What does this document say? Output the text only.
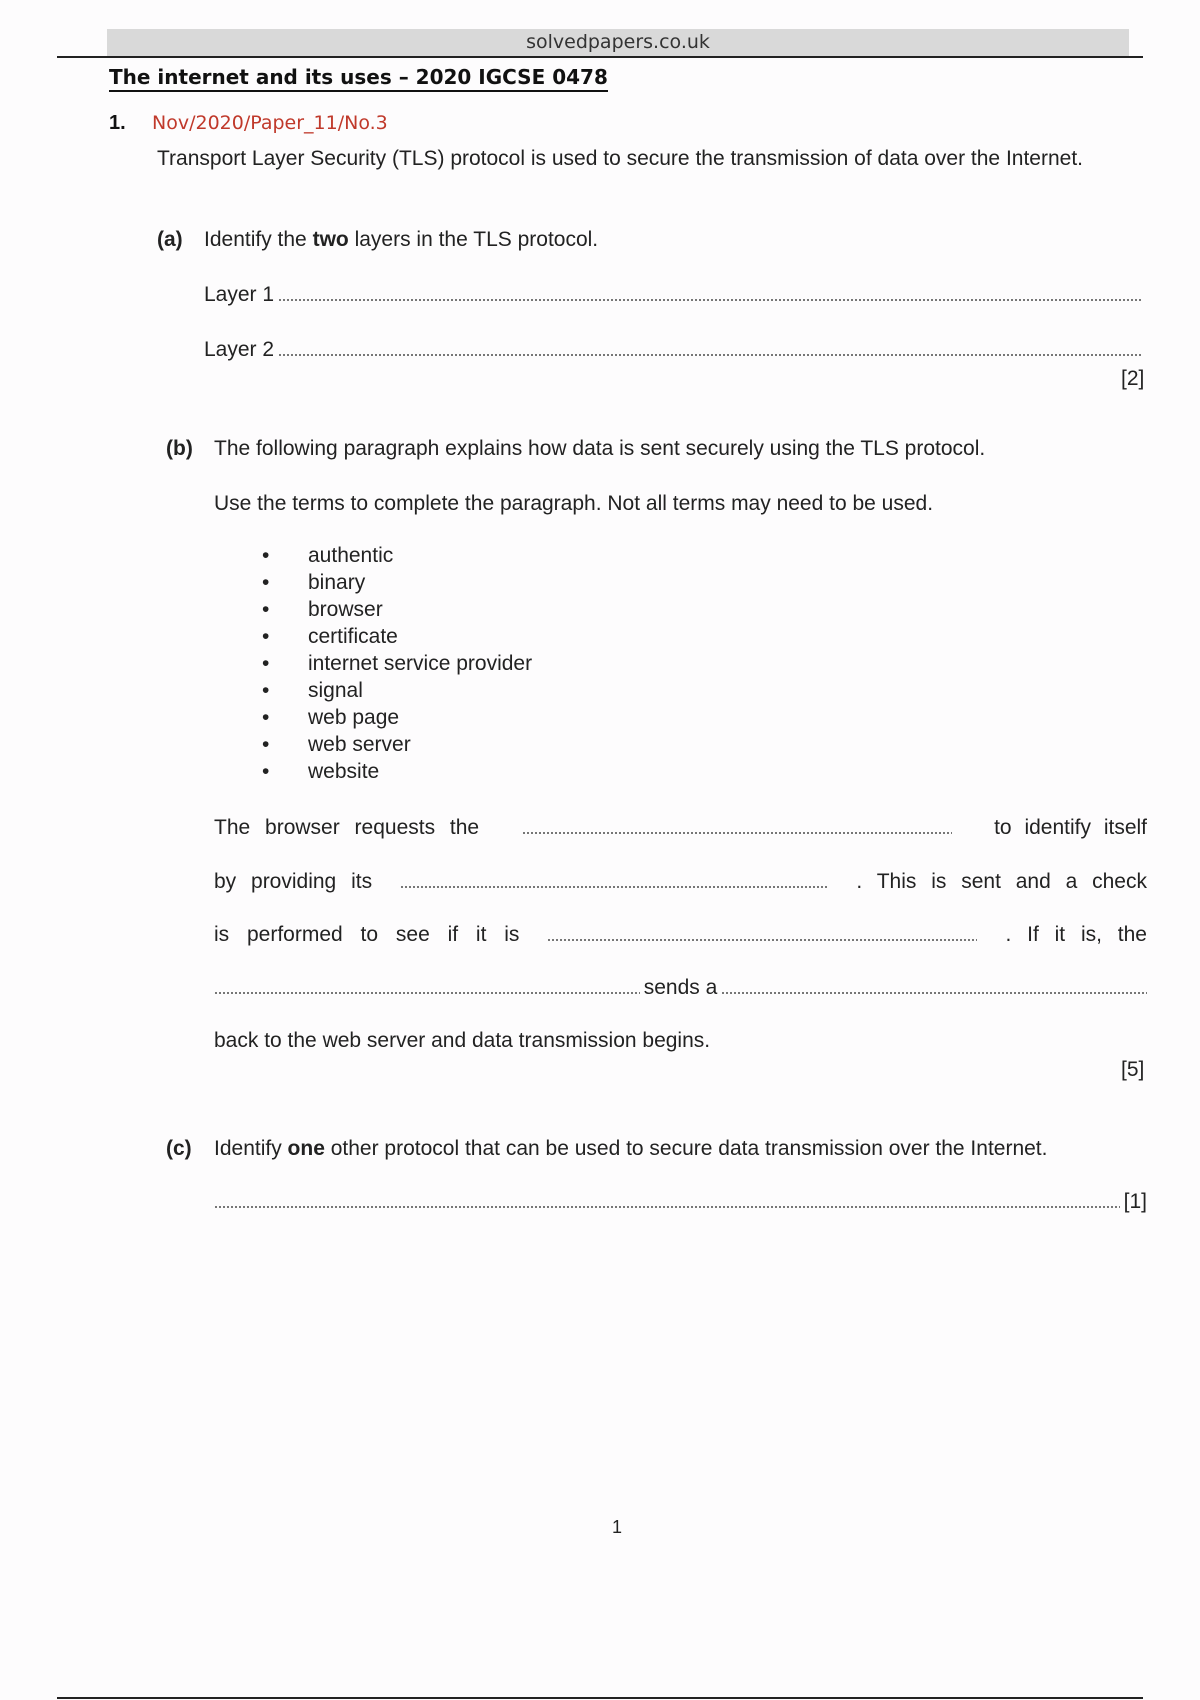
solvedpapers.co.uk
The internet and its uses – 2020 IGCSE 0478
1. Nov/2020/Paper_11/No.3
Transport Layer Security (TLS) protocol is used to secure the transmission of data over the Internet.
(a) Identify the two layers in the TLS protocol.
Layer 1
Layer 2
[2]
(b) The following paragraph explains how data is sent securely using the TLS protocol.
Use the terms to complete the paragraph. Not all terms may need to be used.
• authentic
• binary
• browser
• certificate
• internet service provider
• signal
• web page
• web server
• website
The browser requests the	to identify itself
by providing its	. This is sent and a check
is performed to see if it is	. If it is, the
sends a
back to the web server and data transmission begins.
[5]
(c) Identify one other protocol that can be used to secure data transmission over the Internet.
[1]
1
